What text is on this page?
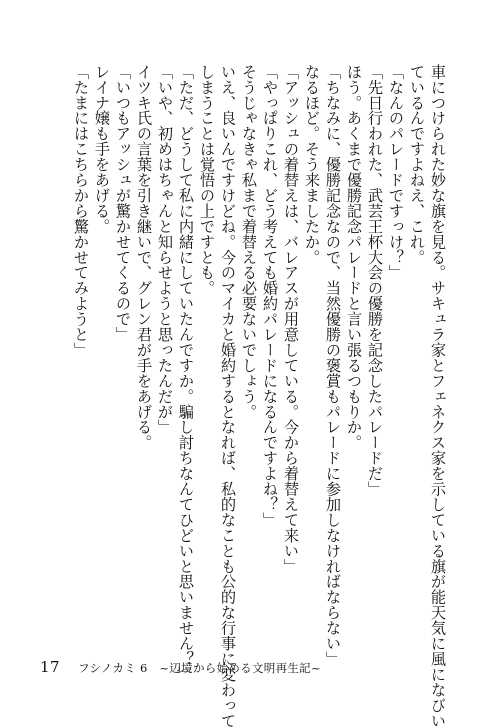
車につけられた妙な旗を見る。サキュラ家とフェネクス家を示している旗が能天気に風になびい
ているんですよねえ、これ。
「なんのパレードですっけ？」
「先日行われた、武芸王杯大会の優勝を記念したパレードだ」
ほう。あくまで優勝記念パレードと言い張るつもりか。
「ちなみに、優勝記念なので、当然優勝の褒賞もパレードに参加しなければならない」
なるほど。そう来ましたか。
「アッシュの着替えは、バレアスが用意している。今から着替えて来い」
「やっぱりこれ、どう考えても婚約パレードになるんですよね？」
そうじゃなきゃ私まで着替える必要ないでしょう。
いえ、良いんですけどね。今のマイカと婚約するとなれば、私的なことも公的な行事に変わって
しまうことは覚悟の上ですとも。
「ただ、どうして私に内緒にしていたんですか。騙し討ちなんてひどいと思いません？」
「いや、初めはちゃんと知らせようと思ったんだが」
イツキ氏の言葉を引き継いで、グレン君が手をあげる。
「いつもアッシュが驚かせてくるので」
レイナ嬢も手をあげる。
「たまにはこちらから驚かせてみようと」
17 フシノカミ 6　~辺境から始める文明再生記~
